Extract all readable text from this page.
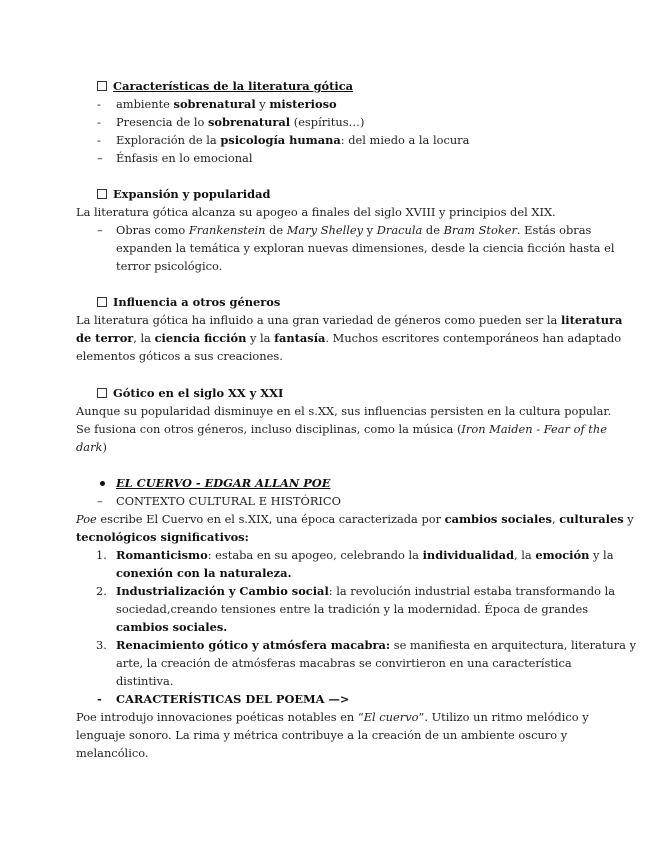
Características de la literatura gótica
- ambiente sobrenatural y misterioso
- Presencia de lo sobrenatural (espíritus…)
- Exploración de la psicología humana: del miedo a la locura
– Énfasis en lo emocional
Expansión y popularidad
La literatura gótica alcanza su apogeo a finales del siglo XVIII y principios del XIX.
– Obras como Frankenstein de Mary Shelley y Dracula de Bram Stoker. Estás obras
expanden la temática y exploran nuevas dimensiones, desde la ciencia ficción hasta el
terror psicológico.
Influencia a otros géneros
La literatura gótica ha influido a una gran variedad de géneros como pueden ser la literatura
de terror, la ciencia ficción y la fantasía. Muchos escritores contemporáneos han adaptado
elementos góticos a sus creaciones.
Gótico en el siglo XX y XXI
Aunque su popularidad disminuye en el s.XX, sus influencias persisten en la cultura popular.
Se fusiona con otros géneros, incluso disciplinas, como la música (Iron Maiden - Fear of the
dark)
EL CUERVO - EDGAR ALLAN POE
– CONTEXTO CULTURAL E HISTÓRICO
Poe escribe El Cuervo en el s.XIX, una época caracterizada por cambios sociales, culturales y
tecnológicos significativos:
1. Romanticismo: estaba en su apogeo, celebrando la individualidad, la emoción y la
conexión con la naturaleza.
2. Industrialización y Cambio social: la revolución industrial estaba transformando la
sociedad,creando tensiones entre la tradición y la modernidad. Época de grandes
cambios sociales.
3. Renacimiento gótico y atmósfera macabra: se manifiesta en arquitectura, literatura y
arte, la creación de atmósferas macabras se convirtieron en una característica
distintiva.
- CARACTERÍSTICAS DEL POEMA —>
Poe introdujo innovaciones poéticas notables en “El cuervo”. Utilizo un ritmo melódico y
lenguaje sonoro. La rima y métrica contribuye a la creación de un ambiente oscuro y
melancólico.
